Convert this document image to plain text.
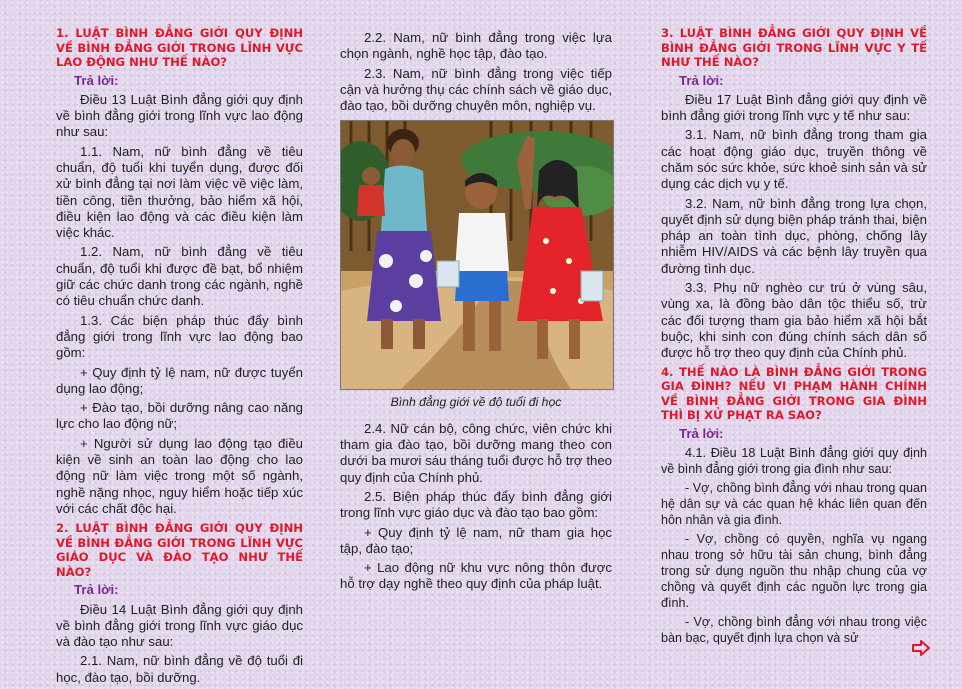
1. LUẬT BÌNH ĐẲNG GIỚI QUY ĐỊNH VỀ BÌNH ĐẲNG GIỚI TRONG LĨNH VỰC LAO ĐỘNG NHƯ THẾ NÀO?

Trả lời:

Điều 13 Luật Bình đẳng giới quy định về bình đẳng giới trong lĩnh vực lao động như sau:

1.1. Nam, nữ bình đẳng về tiêu chuẩn, độ tuổi khi tuyển dụng, được đối xử bình đẳng tại nơi làm việc về việc làm, tiền công, tiền thưởng, bảo hiểm xã hội, điều kiện lao động và các điều kiện làm việc khác.

1.2. Nam, nữ bình đẳng về tiêu chuẩn, độ tuổi khi được đề bạt, bổ nhiệm giữ các chức danh trong các ngành, nghề có tiêu chuẩn chức danh.

1.3. Các biện pháp thúc đẩy bình đẳng giới trong lĩnh vực lao động bao gồm:

+ Quy định tỷ lệ nam, nữ được tuyển dụng lao động;

+ Đào tạo, bồi dưỡng nâng cao năng lực cho lao động nữ;

+ Người sử dụng lao động tạo điều kiện về sinh an toàn lao động cho lao động nữ làm việc trong một số ngành, nghề nặng nhọc, nguy hiểm hoặc tiếp xúc với các chất độc hại.

2. LUẬT BÌNH ĐẲNG GIỚI QUY ĐỊNH VỀ BÌNH ĐẲNG GIỚI TRONG LĨNH VỰC GIÁO DỤC VÀ ĐÀO TẠO NHƯ THẾ NÀO?

Trả lời:

Điều 14 Luật Bình đẳng giới quy định về bình đẳng giới trong lĩnh vực giáo dục và đào tạo như sau:

2.1. Nam, nữ bình đẳng về độ tuổi đi học, đào tạo, bồi dưỡng.

2.2. Nam, nữ bình đẳng trong việc lựa chọn ngành, nghề học tập, đào tạo.

2.3. Nam, nữ bình đẳng trong việc tiếp cận và hưởng thụ các chính sách về giáo dục, đào tạo, bồi dưỡng chuyên môn, nghiệp vụ.

Bình đẳng giới về độ tuổi đi học

2.4. Nữ cán bộ, công chức, viên chức khi tham gia đào tạo, bồi dưỡng mang theo con dưới ba mươi sáu tháng tuổi được hỗ trợ theo quy định của Chính phủ.

2.5. Biện pháp thúc đẩy bình đẳng giới trong lĩnh vực giáo dục và đào tạo bao gồm:

+ Quy định tỷ lệ nam, nữ tham gia học tập, đào tạo;

+ Lao động nữ khu vực nông thôn được hỗ trợ dạy nghề theo quy định của pháp luật.

3. LUẬT BÌNH ĐẲNG GIỚI QUY ĐỊNH VỀ BÌNH ĐẲNG GIỚI TRONG LĨNH VỰC Y TẾ NHƯ THẾ NÀO?

Trả lời:

Điều 17 Luật Bình đẳng giới quy định về bình đẳng giới trong lĩnh vực y tế như sau:

3.1. Nam, nữ bình đẳng trong tham gia các hoạt động giáo dục, truyền thông về chăm sóc sức khỏe, sức khoẻ sinh sản và sử dụng các dịch vụ y tế.

3.2. Nam, nữ bình đẳng trong lựa chọn, quyết định sử dụng biện pháp tránh thai, biện pháp an toàn tình dục, phòng, chống lây nhiễm HIV/AIDS và các bệnh lây truyền qua đường tình dục.

3.3. Phụ nữ nghèo cư trú ở vùng sâu, vùng xa, là đồng bào dân tộc thiểu số, trừ các đối tượng tham gia bảo hiểm xã hội bắt buộc, khi sinh con đúng chính sách dân số được hỗ trợ theo quy định của Chính phủ.

4. THẾ NÀO LÀ BÌNH ĐẲNG GIỚI TRONG GIA ĐÌNH? NẾU VI PHẠM HÀNH CHÍNH VỀ BÌNH ĐẲNG GIỚI TRONG GIA ĐÌNH THÌ BỊ XỬ PHẠT RA SAO?

Trả lời:

4.1. Điều 18 Luật Bình đẳng giới quy định về bình đẳng giới trong gia đình như sau:

- Vợ, chồng bình đẳng với nhau trong quan hệ dân sự và các quan hệ khác liên quan đến hôn nhân và gia đình.

- Vợ, chồng có quyền, nghĩa vụ ngang nhau trong sở hữu tài sản chung, bình đẳng trong sử dụng nguồn thu nhập chung của vợ chồng và quyết định các nguồn lực trong gia đình.

- Vợ, chồng bình đẳng với nhau trong việc bàn bạc, quyết định lựa chọn và sử
